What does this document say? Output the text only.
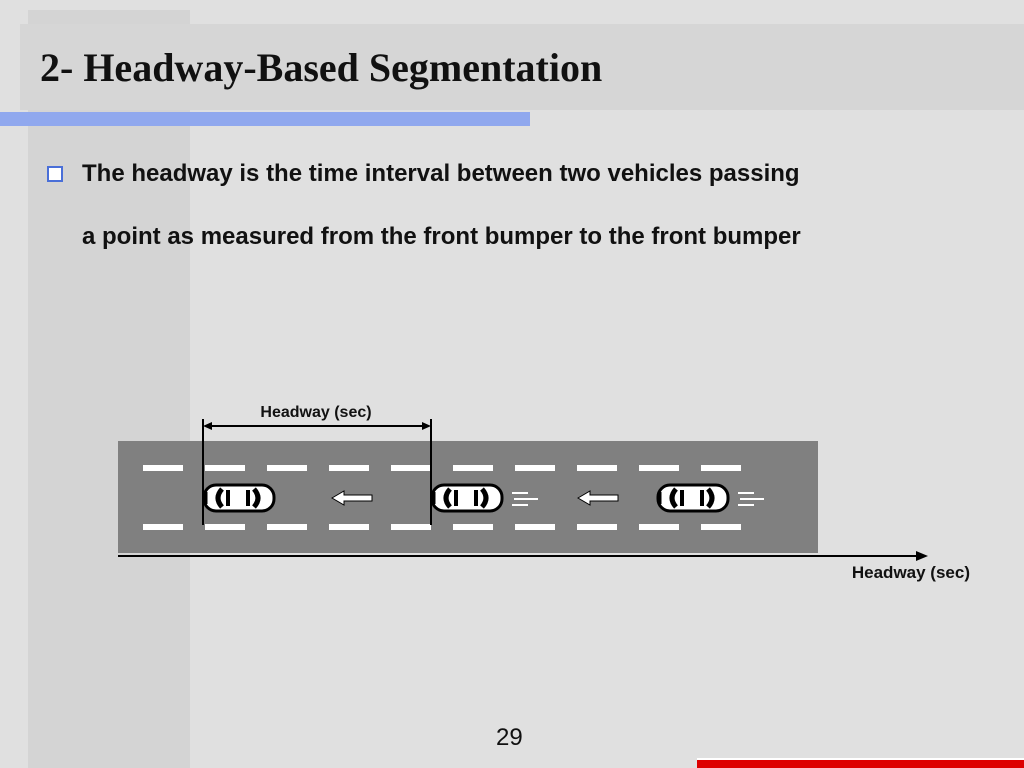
2- Headway-Based Segmentation

The headway is the time interval between two vehicles passing

a point as measured from the front bumper to the front bumper

Headway (sec)
Headway (sec)
29
